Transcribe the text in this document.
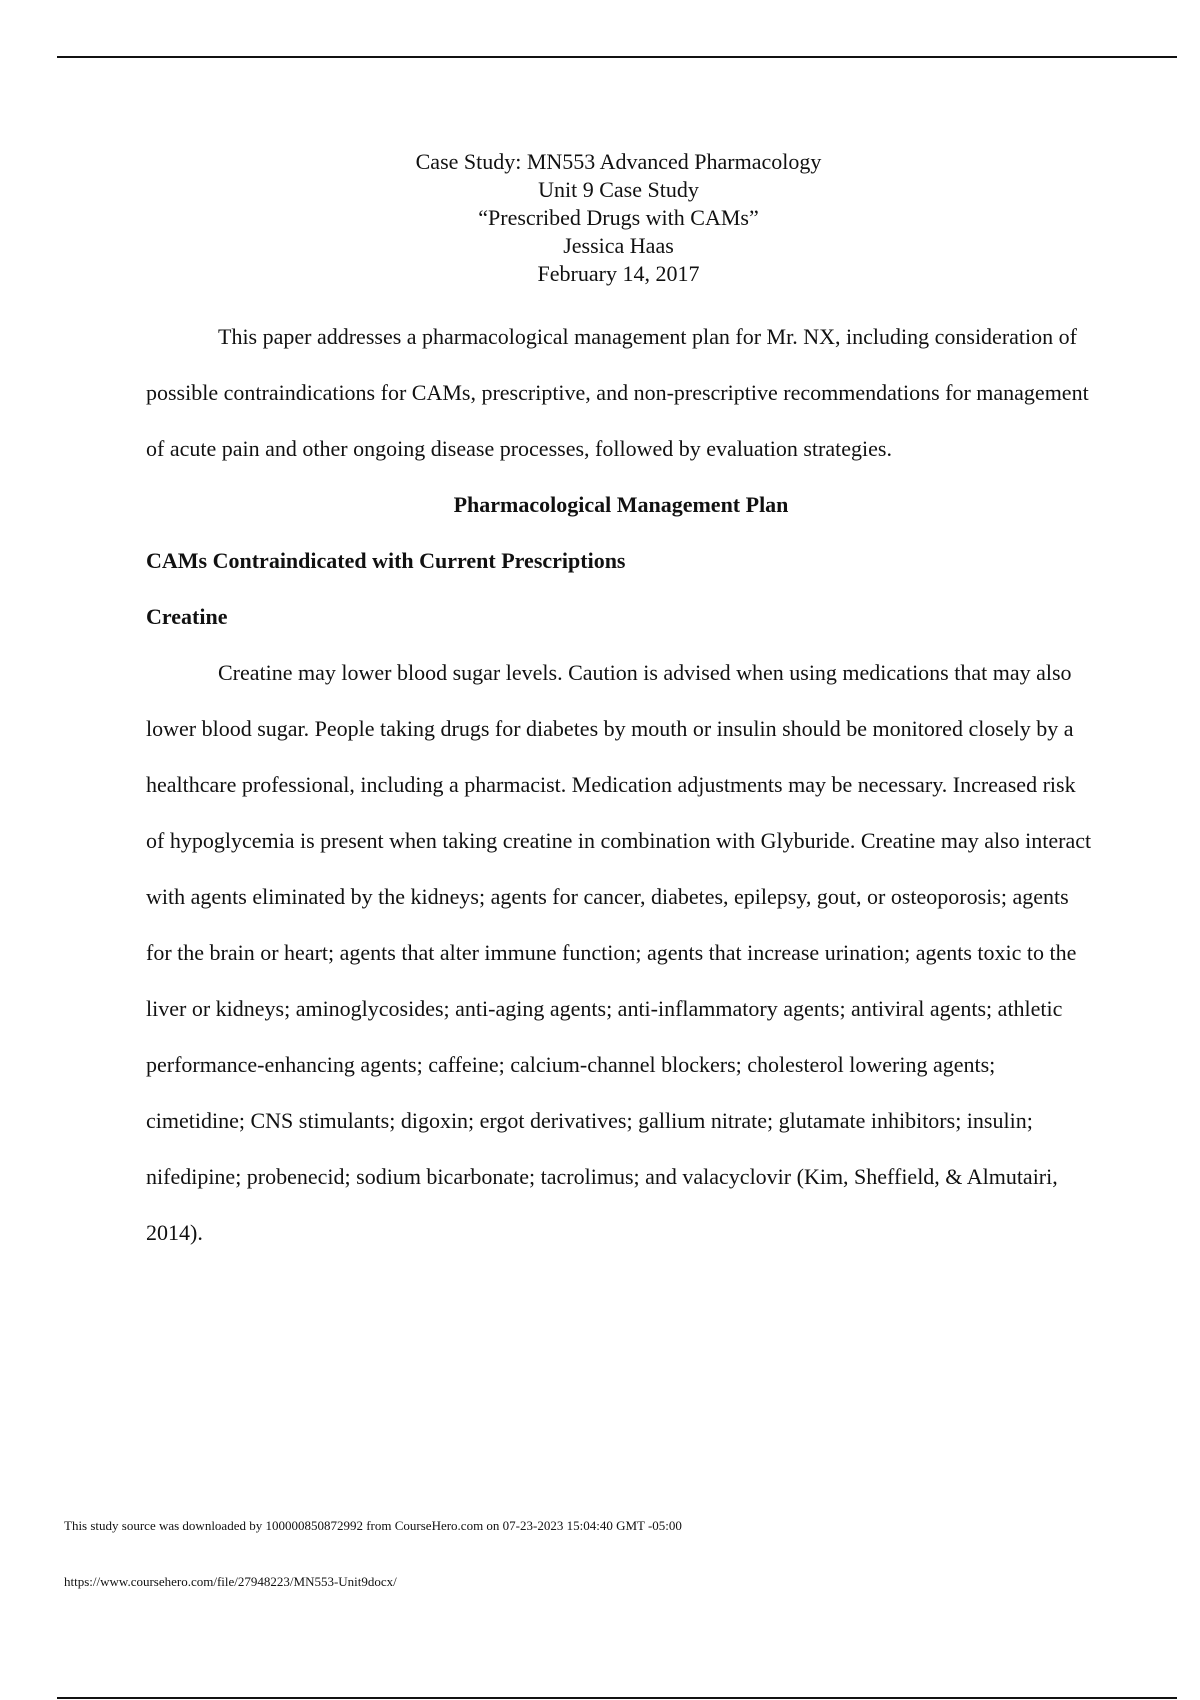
Case Study: MN553 Advanced Pharmacology
Unit 9 Case Study
“Prescribed Drugs with CAMs”
Jessica Haas
February 14, 2017

This paper addresses a pharmacological management plan for Mr. NX, including consideration of possible contraindications for CAMs, prescriptive, and non-prescriptive recommendations for management of acute pain and other ongoing disease processes, followed by evaluation strategies.

Pharmacological Management Plan

CAMs Contraindicated with Current Prescriptions

Creatine

Creatine may lower blood sugar levels. Caution is advised when using medications that may also lower blood sugar. People taking drugs for diabetes by mouth or insulin should be monitored closely by a healthcare professional, including a pharmacist. Medication adjustments may be necessary. Increased risk of hypoglycemia is present when taking creatine in combination with Glyburide. Creatine may also interact with agents eliminated by the kidneys; agents for cancer, diabetes, epilepsy, gout, or osteoporosis; agents for the brain or heart; agents that alter immune function; agents that increase urination; agents toxic to the liver or kidneys; aminoglycosides; anti-aging agents; anti-inflammatory agents; antiviral agents; athletic performance-enhancing agents; caffeine; calcium-channel blockers; cholesterol lowering agents; cimetidine; CNS stimulants; digoxin; ergot derivatives; gallium nitrate; glutamate inhibitors; insulin; nifedipine; probenecid; sodium bicarbonate; tacrolimus; and valacyclovir (Kim, Sheffield, & Almutairi, 2014).

This study source was downloaded by 100000850872992 from CourseHero.com on 07-23-2023 15:04:40 GMT -05:00
https://www.coursehero.com/file/27948223/MN553-Unit9docx/
